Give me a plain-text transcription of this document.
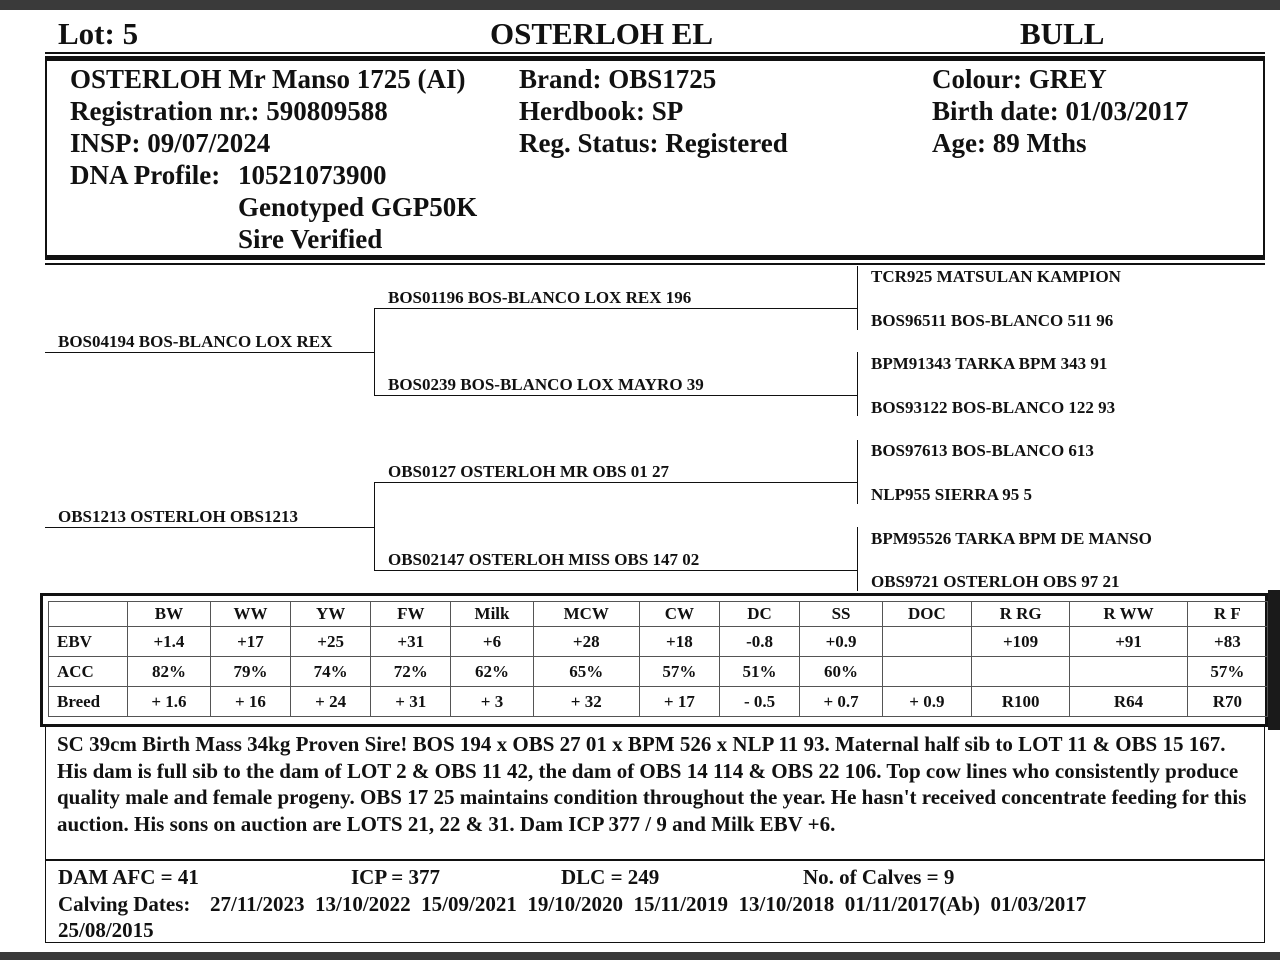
Lot: 5	OSTERLOH EL	BULL
OSTERLOH Mr Manso 1725 (AI)
Registration nr.: 590809588
INSP: 09/07/2024
DNA Profile: 10521073900
Genotyped GGP50K
Sire Verified
Brand: OBS1725
Herdbook: SP
Reg. Status: Registered
Colour: GREY
Birth date: 01/03/2017
Age: 89 Mths
BOS04194 BOS-BLANCO LOX REX
OBS1213 OSTERLOH OBS1213
BOS01196 BOS-BLANCO LOX REX 196
BOS0239 BOS-BLANCO LOX MAYRO 39
OBS0127 OSTERLOH MR OBS 01 27
OBS02147 OSTERLOH MISS OBS 147 02
TCR925 MATSULAN KAMPION
BOS96511 BOS-BLANCO 511 96
BPM91343 TARKA BPM 343 91
BOS93122 BOS-BLANCO 122 93
BOS97613 BOS-BLANCO 613
NLP955 SIERRA 95 5
BPM95526 TARKA BPM DE MANSO
OBS9721 OSTERLOH OBS 97 21
	BW	WW	YW	FW	Milk	MCW	CW	DC	SS	DOC	R RG	R WW	R F
EBV	+1.4	+17	+25	+31	+6	+28	+18	-0.8	+0.9		+109	+91	+83
ACC	82%	79%	74%	72%	62%	65%	57%	51%	60%				57%
Breed	+ 1.6	+ 16	+ 24	+ 31	+ 3	+ 32	+ 17	- 0.5	+ 0.7	+ 0.9	R100	R64	R70
SC 39cm Birth Mass 34kg Proven Sire! BOS 194 x OBS 27 01 x BPM 526 x NLP 11 93. Maternal half sib to LOT 11 & OBS 15 167. His dam is full sib to the dam of LOT 2 & OBS 11 42, the dam of OBS 14 114 & OBS 22 106. Top cow lines who consistently produce quality male and female progeny. OBS 17 25 maintains condition throughout the year. He hasn't received concentrate feeding for this auction. His sons on auction are LOTS 21, 22 & 31. Dam ICP 377 / 9 and Milk EBV +6.
DAM AFC = 41	ICP = 377	DLC = 249	No. of Calves = 9
Calving Dates: 27/11/2023  13/10/2022  15/09/2021  19/10/2020  15/11/2019  13/10/2018  01/11/2017(Ab)  01/03/2017
25/08/2015
